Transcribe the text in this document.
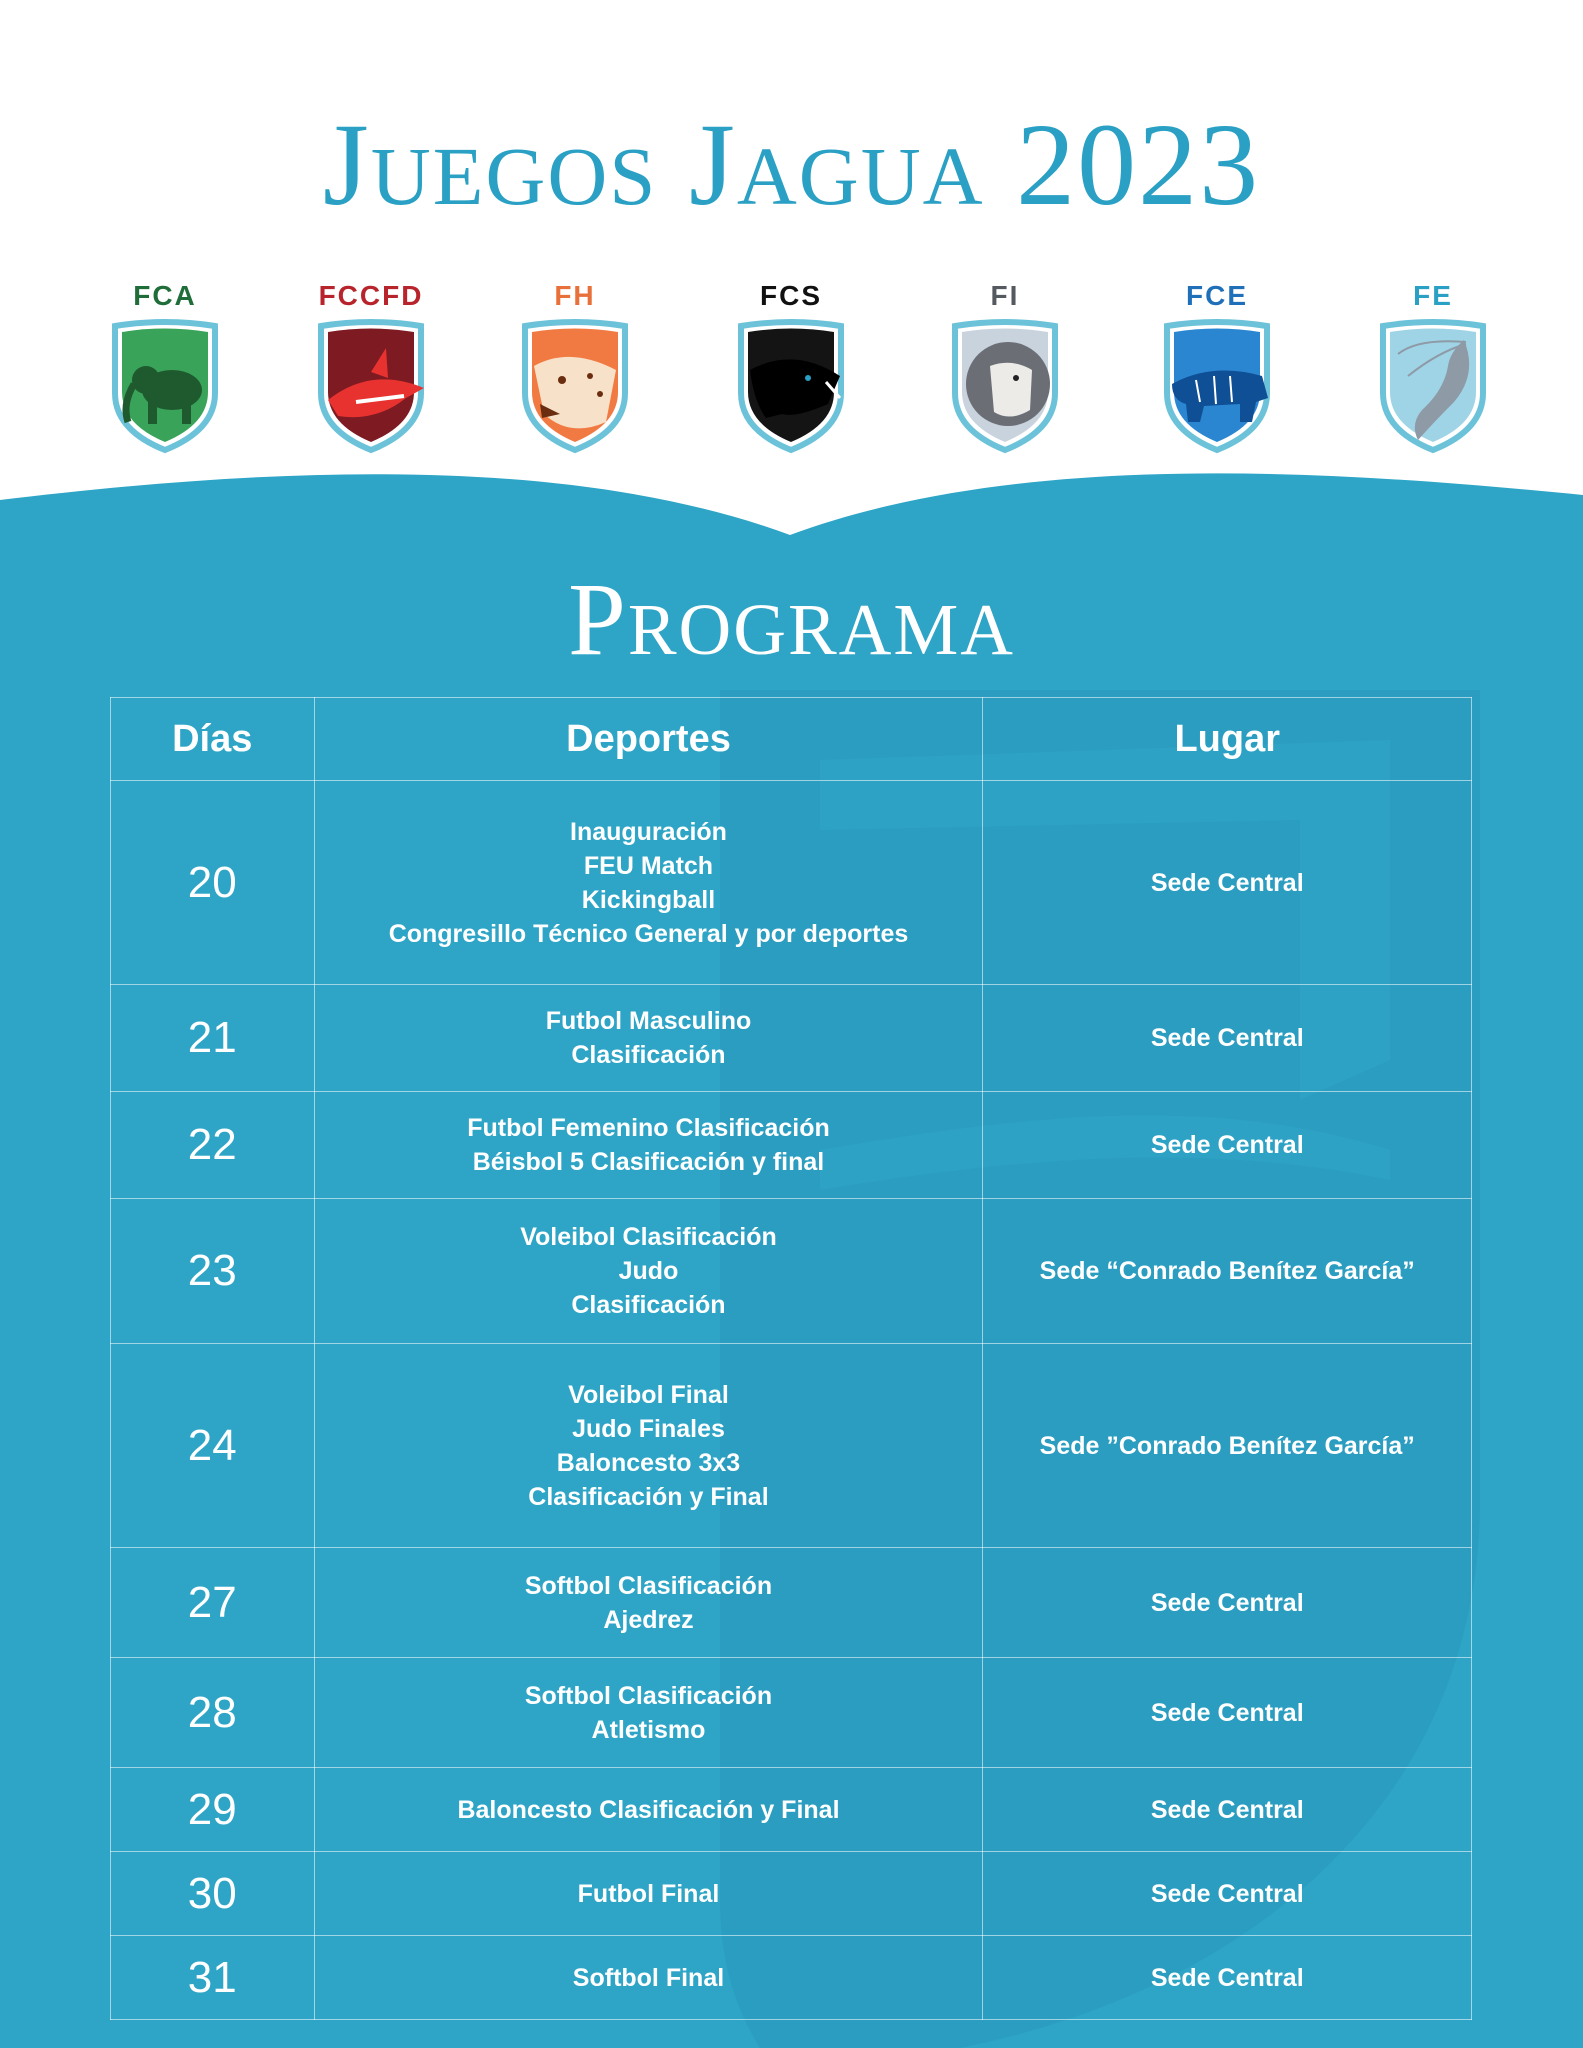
Juegos Jagua 2023
FCA	FCCFD	FH	FCS	FI	FCE	FE
Programa
Días	Deportes	Lugar
20	Inauguración
FEU Match
Kickingball
Congresillo Técnico General y por deportes	Sede Central
21	Futbol Masculino
Clasificación	Sede Central
22	Futbol Femenino Clasificación
Béisbol 5 Clasificación y final	Sede Central
23	Voleibol Clasificación
Judo
Clasificación	Sede “Conrado Benítez García”
24	Voleibol Final
Judo Finales
Baloncesto 3x3
Clasificación y Final	Sede ”Conrado Benítez García”
27	Softbol Clasificación
Ajedrez	Sede Central
28	Softbol Clasificación
Atletismo	Sede Central
29	Baloncesto Clasificación y Final	Sede Central
30	Futbol Final	Sede Central
31	Softbol Final	Sede Central
